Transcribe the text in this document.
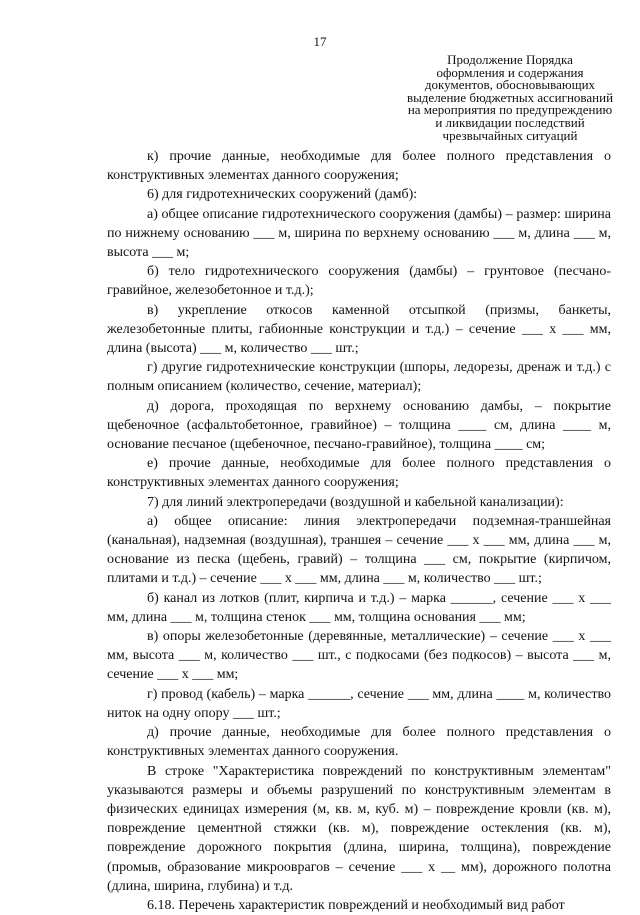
17
Продолжение Порядка
оформления и содержания
документов, обосновывающих
выделение бюджетных ассигнований
на мероприятия по предупреждению
и ликвидации последствий
чрезвычайных ситуаций

к) прочие данные, необходимые для более полного представления о конструктивных элементах данного сооружения;

6) для гидротехнических сооружений (дамб):

а) общее описание гидротехнического сооружения (дамбы) – размер: ширина по нижнему основанию ___ м, ширина по верхнему основанию ___ м, длина ___ м, высота ___ м;

б) тело гидротехнического сооружения (дамбы) – грунтовое (песчано-гравийное, железобетонное и т.д.);

в) укрепление откосов каменной отсыпкой (призмы, банкеты, железобетонные плиты, габионные конструкции и т.д.) – сечение ___ х ___ мм, длина (высота) ___ м, количество ___ шт.;

г) другие гидротехнические конструкции (шпоры, ледорезы, дренаж и т.д.) с полным описанием (количество, сечение, материал);

д) дорога, проходящая по верхнему основанию дамбы, – покрытие щебеночное (асфальтобетонное, гравийное) – толщина ____ см, длина ____ м, основание песчаное (щебеночное, песчано-гравийное), толщина ____ см;

е) прочие данные, необходимые для более полного представления о конструктивных элементах данного сооружения;

7) для линий электропередачи (воздушной и кабельной канализации):

а) общее описание: линия электропередачи подземная-траншейная (канальная), надземная (воздушная), траншея – сечение ___ х ___ мм, длина ___ м, основание из песка (щебень, гравий) – толщина ___ см, покрытие (кирпичом, плитами и т.д.) – сечение ___ х ___ мм, длина ___ м, количество ___ шт.;

б) канал из лотков (плит, кирпича и т.д.) – марка ______, сечение ___ х ___ мм, длина ___ м, толщина стенок ___ мм, толщина основания ___ мм;

в) опоры железобетонные (деревянные, металлические) – сечение ___ х ___ мм, высота ___ м, количество ___ шт., с подкосами (без подкосов) – высота ___ м, сечение ___ х ___ мм;

г) провод (кабель) – марка ______, сечение ___ мм, длина ____ м, количество ниток на одну опору ___ шт.;

д) прочие данные, необходимые для более полного представления о конструктивных элементах данного сооружения.

В строке "Характеристика повреждений по конструктивным элементам" указываются размеры и объемы разрушений по конструктивным элементам в физических единицах измерения (м, кв. м, куб. м) – повреждение кровли (кв. м), повреждение цементной стяжки (кв. м), повреждение остекления (кв. м), повреждение дорожного покрытия (длина, ширина, толщина), повреждение (промыв, образование микрооврагов – сечение ___ х __ мм), дорожного полотна (длина, ширина, глубина) и т.д.

6.18. Перечень характеристик повреждений и необходимый вид работ
